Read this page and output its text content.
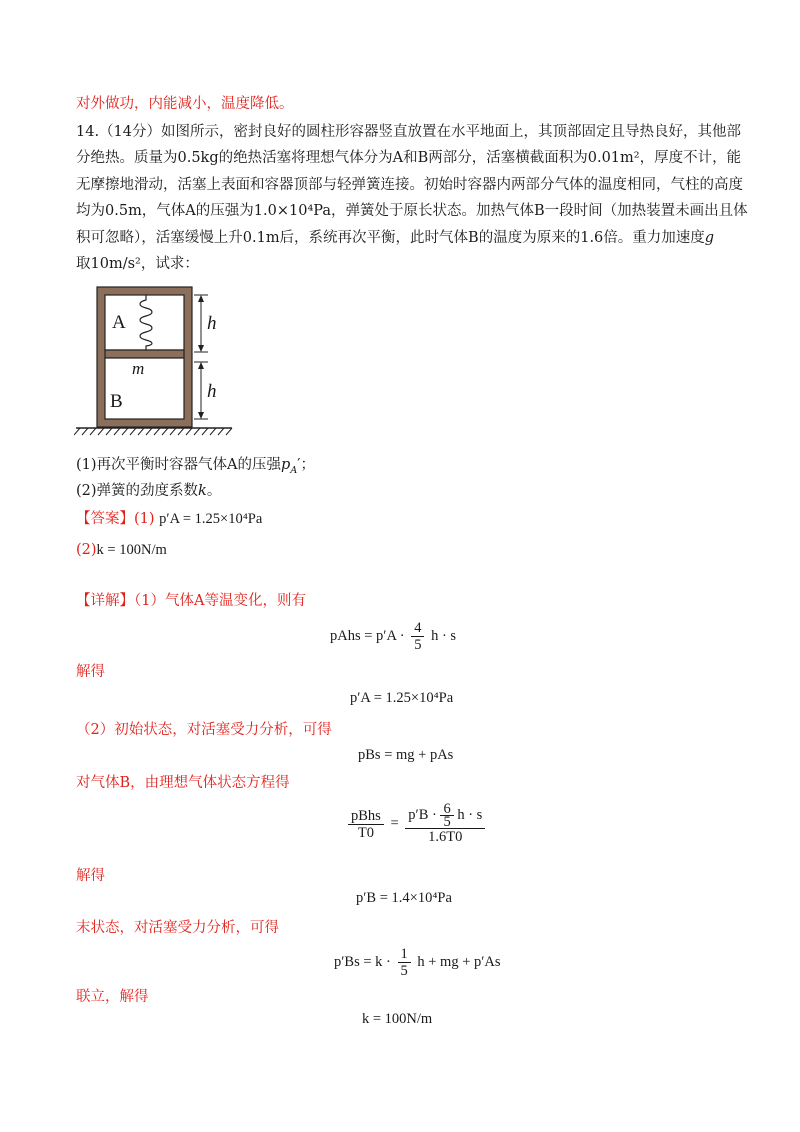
对外做功，内能减小，温度降低。
14.（14分）如图所示，密封良好的圆柱形容器竖直放置在水平地面上，其顶部固定且导热良好，其他部
分绝热。质量为0.5kg的绝热活塞将理想气体分为A和B两部分，活塞横截面积为0.01m²，厚度不计，能
无摩擦地滑动，活塞上表面和容器顶部与轻弹簧连接。初始时容器内两部分气体的温度相同，气柱的高度
均为0.5m，气体A的压强为1.0×10⁴Pa，弹簧处于原长状态。加热气体B一段时间（加热装置未画出且体
积可忽略），活塞缓慢上升0.1m后，系统再次平衡，此时气体B的温度为原来的1.6倍。重力加速度g
取10m/s²，试求：
A
m
B
h
h
(1)再次平衡时容器气体A的压强$p_A'$；
(2)弹簧的劲度系数k。
【答案】(1) p′A = 1.25×10⁴Pa
(2)k = 100N/m
【详解】（1）气体A等温变化，则有
pAhs = $p'A \cdot \frac{4}{5}$ h · s
解得
p′A = 1.25×10⁴Pa
（2）初始状态，对活塞受力分析，可得
pBs = mg + pAs
对气体B，由理想气体状态方程得
$\frac{\text{pBhs}}{T0} = \frac{p'B \cdot \frac{6}{5} h \cdot s}{1.6T0}$
解得
p′B = 1.4×10⁴Pa
末状态，对活塞受力分析，可得
$p'Bs = k \cdot \frac{1}{5}$ h + mg + p′As
联立，解得
k = 100N/m
